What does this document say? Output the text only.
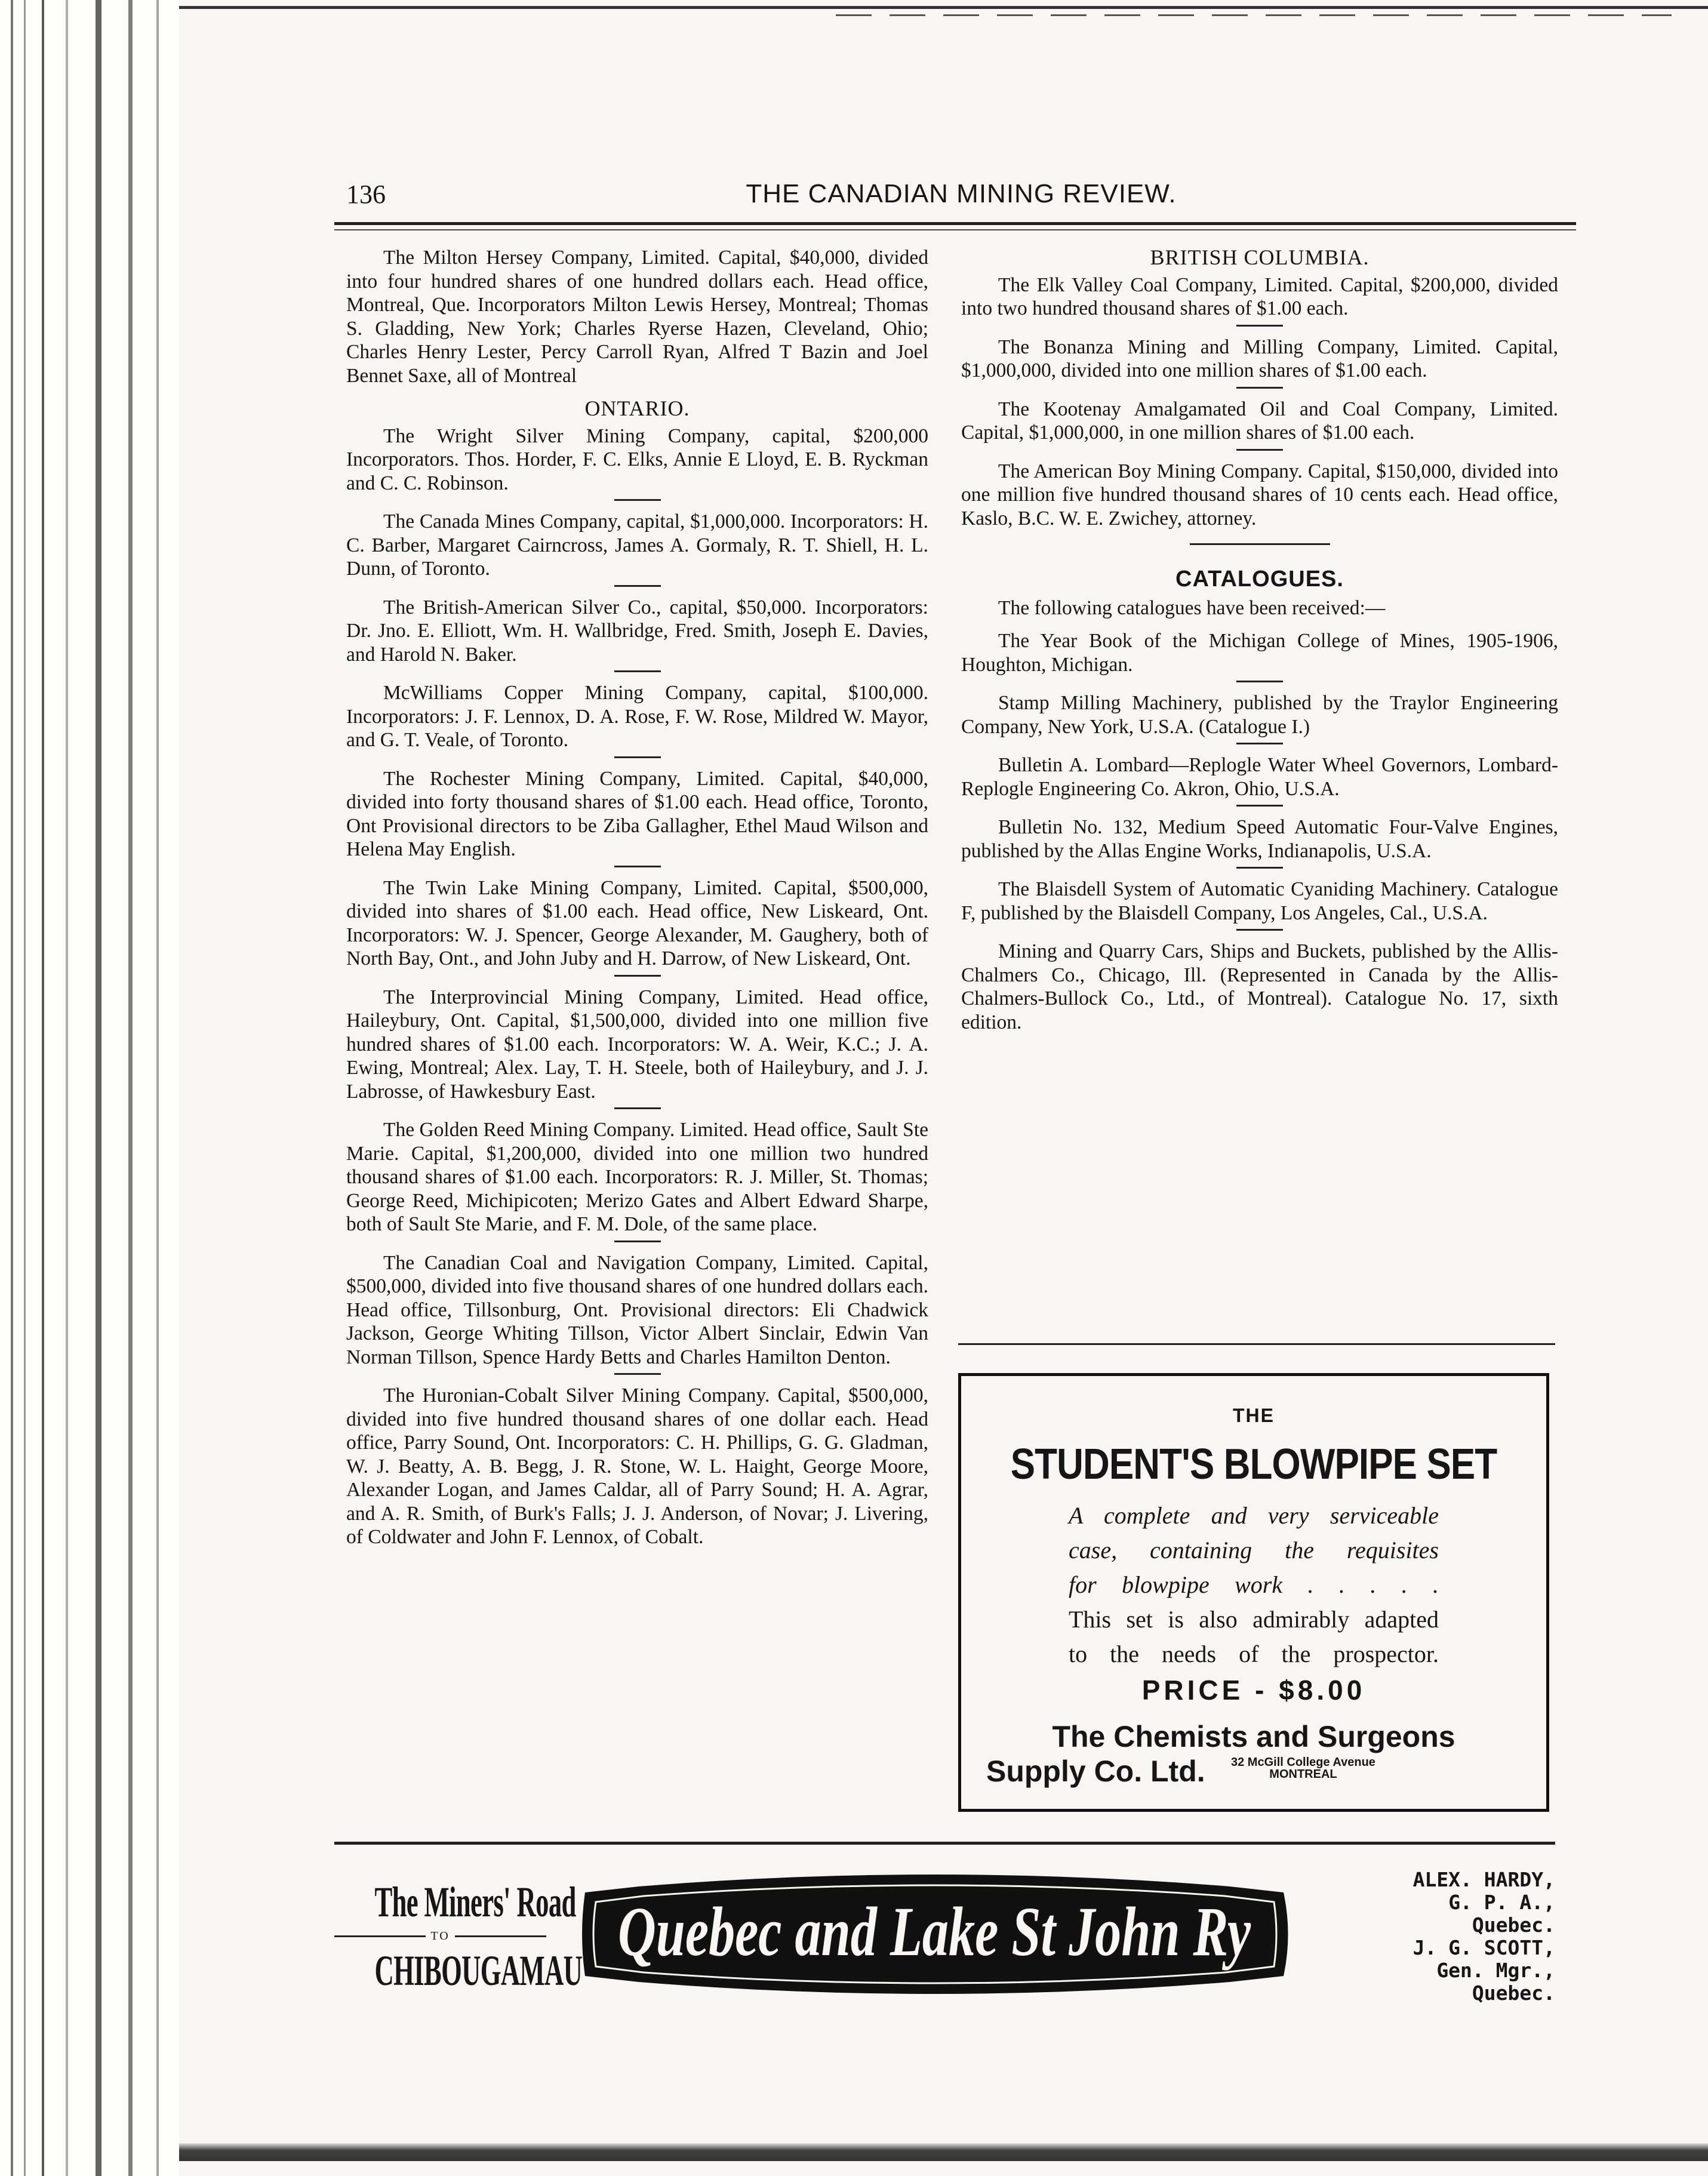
136	THE CANADIAN MINING REVIEW.

The Milton Hersey Company, Limited. Capital, $40,000, divided into four hundred shares of one hundred dollars each. Head office, Montreal, Que. Incorporators Milton Lewis Hersey, Montreal; Thomas S. Gladding, New York; Charles Ryerse Hazen, Cleveland, Ohio; Charles Henry Lester, Percy Carroll Ryan, Alfred T Bazin and Joel Bennet Saxe, all of Montreal

ONTARIO.

The Wright Silver Mining Company, capital, $200,000 Incorporators. Thos. Horder, F. C. Elks, Annie E Lloyd, E. B. Ryckman and C. C. Robinson.

The Canada Mines Company, capital, $1,000,000. Incorporators: H. C. Barber, Margaret Cairncross, James A. Gormaly, R. T. Shiell, H. L. Dunn, of Toronto.

The British-American Silver Co., capital, $50,000. Incorporators: Dr. Jno. E. Elliott, Wm. H. Wallbridge, Fred. Smith, Joseph E. Davies, and Harold N. Baker.

McWilliams Copper Mining Company, capital, $100,000. Incorporators: J. F. Lennox, D. A. Rose, F. W. Rose, Mildred W. Mayor, and G. T. Veale, of Toronto.

The Rochester Mining Company, Limited. Capital, $40,000, divided into forty thousand shares of $1.00 each. Head office, Toronto, Ont Provisional directors to be Ziba Gallagher, Ethel Maud Wilson and Helena May English.

The Twin Lake Mining Company, Limited. Capital, $500,000, divided into shares of $1.00 each. Head office, New Liskeard, Ont. Incorporators: W. J. Spencer, George Alexander, M. Gaughery, both of North Bay, Ont., and John Juby and H. Darrow, of New Liskeard, Ont.

The Interprovincial Mining Company, Limited. Head office, Haileybury, Ont. Capital, $1,500,000, divided into one million five hundred shares of $1.00 each. Incorporators: W. A. Weir, K.C.; J. A. Ewing, Montreal; Alex. Lay, T. H. Steele, both of Haileybury, and J. J. Labrosse, of Hawkesbury East.

The Golden Reed Mining Company. Limited. Head office, Sault Ste Marie. Capital, $1,200,000, divided into one million two hundred thousand shares of $1.00 each. Incorporators: R. J. Miller, St. Thomas; George Reed, Michipicoten; Merizo Gates and Albert Edward Sharpe, both of Sault Ste Marie, and F. M. Dole, of the same place.

The Canadian Coal and Navigation Company, Limited. Capital, $500,000, divided into five thousand shares of one hundred dollars each. Head office, Tillsonburg, Ont. Provisional directors: Eli Chadwick Jackson, George Whiting Tillson, Victor Albert Sinclair, Edwin Van Norman Tillson, Spence Hardy Betts and Charles Hamilton Denton.

The Huronian-Cobalt Silver Mining Company. Capital, $500,000, divided into five hundred thousand shares of one dollar each. Head office, Parry Sound, Ont. Incorporators: C. H. Phillips, G. G. Gladman, W. J. Beatty, A. B. Begg, J. R. Stone, W. L. Haight, George Moore, Alexander Logan, and James Caldar, all of Parry Sound; H. A. Agrar, and A. R. Smith, of Burk's Falls; J. J. Anderson, of Novar; J. Livering, of Coldwater and John F. Lennox, of Cobalt.

BRITISH COLUMBIA.

The Elk Valley Coal Company, Limited. Capital, $200,000, divided into two hundred thousand shares of $1.00 each.

The Bonanza Mining and Milling Company, Limited. Capital, $1,000,000, divided into one million shares of $1.00 each.

The Kootenay Amalgamated Oil and Coal Company, Limited. Capital, $1,000,000, in one million shares of $1.00 each.

The American Boy Mining Company. Capital, $150,000, divided into one million five hundred thousand shares of 10 cents each. Head office, Kaslo, B.C. W. E. Zwichey, attorney.

CATALOGUES.

The following catalogues have been received:—

The Year Book of the Michigan College of Mines, 1905-1906, Houghton, Michigan.

Stamp Milling Machinery, published by the Traylor Engineering Company, New York, U.S.A. (Catalogue I.)

Bulletin A. Lombard—Replogle Water Wheel Governors, Lombard-Replogle Engineering Co. Akron, Ohio, U.S.A.

Bulletin No. 132, Medium Speed Automatic Four-Valve Engines, published by the Allas Engine Works, Indianapolis, U.S.A.

The Blaisdell System of Automatic Cyaniding Machinery. Catalogue F, published by the Blaisdell Company, Los Angeles, Cal., U.S.A.

Mining and Quarry Cars, Ships and Buckets, published by the Allis-Chalmers Co., Chicago, Ill. (Represented in Canada by the Allis-Chalmers-Bullock Co., Ltd., of Montreal). Catalogue No. 17, sixth edition.

THE
STUDENT'S BLOWPIPE SET
A complete and very serviceable
case, containing the requisites
for blowpipe work . . . . .
This set is also admirably adapted
to the needs of the prospector.
PRICE - $8.00
The Chemists and Surgeons
Supply Co. Ltd. 32 McGill College Avenue
MONTREAL
The Miners' Road
TO
CHIBOUGAMAU Quebec and Lake St John Ry
ALEX. HARDY,
G. P. A.,
Quebec.
J. G. SCOTT,
Gen. Mgr.,
Quebec.
